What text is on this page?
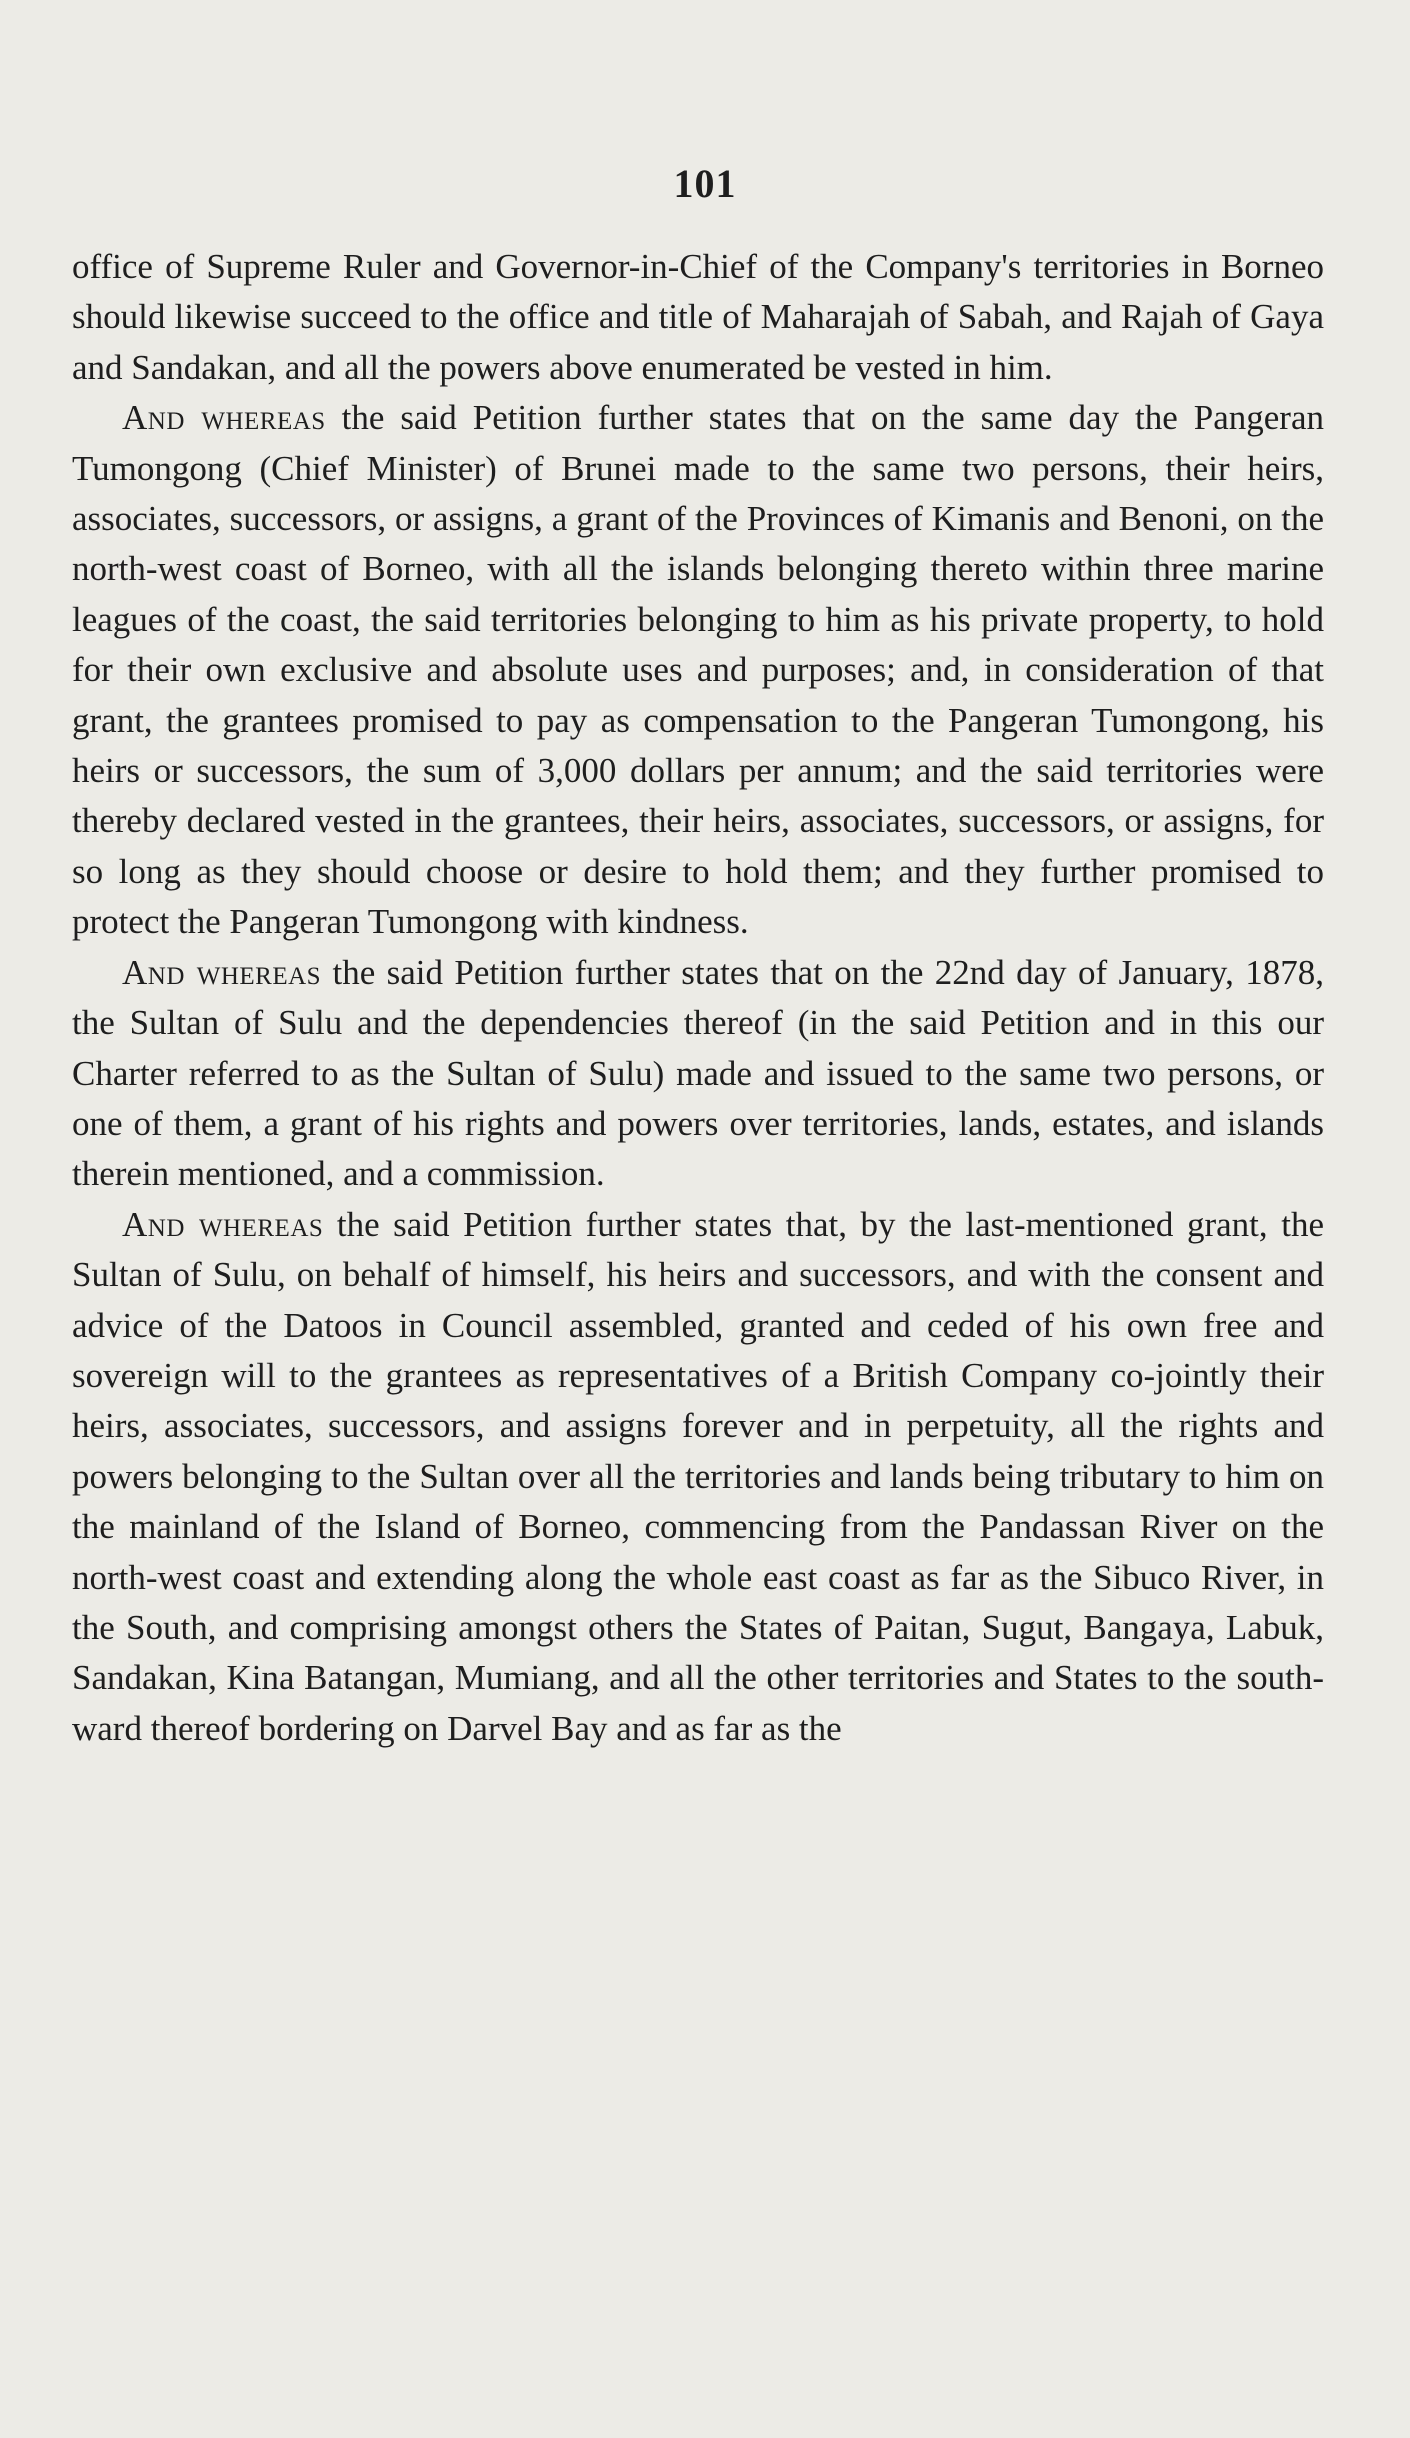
101

office of Supreme Ruler and Governor-in-Chief of the Company's territories in Borneo should likewise succeed to the office and title of Maharajah of Sabah, and Rajah of Gaya and Sandakan, and all the powers above enumerated be vested in him.

And whereas the said Petition further states that on the same day the Pangeran Tumongong (Chief Minister) of Brunei made to the same two persons, their heirs, associates, successors, or assigns, a grant of the Provinces of Kimanis and Benoni, on the north-west coast of Borneo, with all the islands belonging thereto within three marine leagues of the coast, the said territories belonging to him as his private property, to hold for their own exclusive and absolute uses and purposes; and, in consideration of that grant, the grantees promised to pay as compensation to the Pangeran Tumongong, his heirs or successors, the sum of 3,000 dollars per annum; and the said territories were thereby declared vested in the grantees, their heirs, associates, successors, or assigns, for so long as they should choose or desire to hold them; and they further promised to protect the Pangeran Tumongong with kindness.

And whereas the said Petition further states that on the 22nd day of January, 1878, the Sultan of Sulu and the dependencies thereof (in the said Petition and in this our Charter referred to as the Sultan of Sulu) made and issued to the same two persons, or one of them, a grant of his rights and powers over territories, lands, estates, and islands therein mentioned, and a commission.

And whereas the said Petition further states that, by the last-mentioned grant, the Sultan of Sulu, on behalf of himself, his heirs and successors, and with the consent and advice of the Datoos in Council assembled, granted and ceded of his own free and sovereign will to the grantees as representatives of a British Company co-jointly their heirs, associates, successors, and assigns forever and in perpetuity, all the rights and powers belonging to the Sultan over all the territories and lands being tributary to him on the mainland of the Island of Borneo, commencing from the Pandassan River on the north-west coast and extending along the whole east coast as far as the Sibuco River, in the South, and comprising amongst others the States of Paitan, Sugut, Bangaya, Labuk, Sandakan, Kina Batangan, Mumiang, and all the other territories and States to the southward thereof bordering on Darvel Bay and as far as the
